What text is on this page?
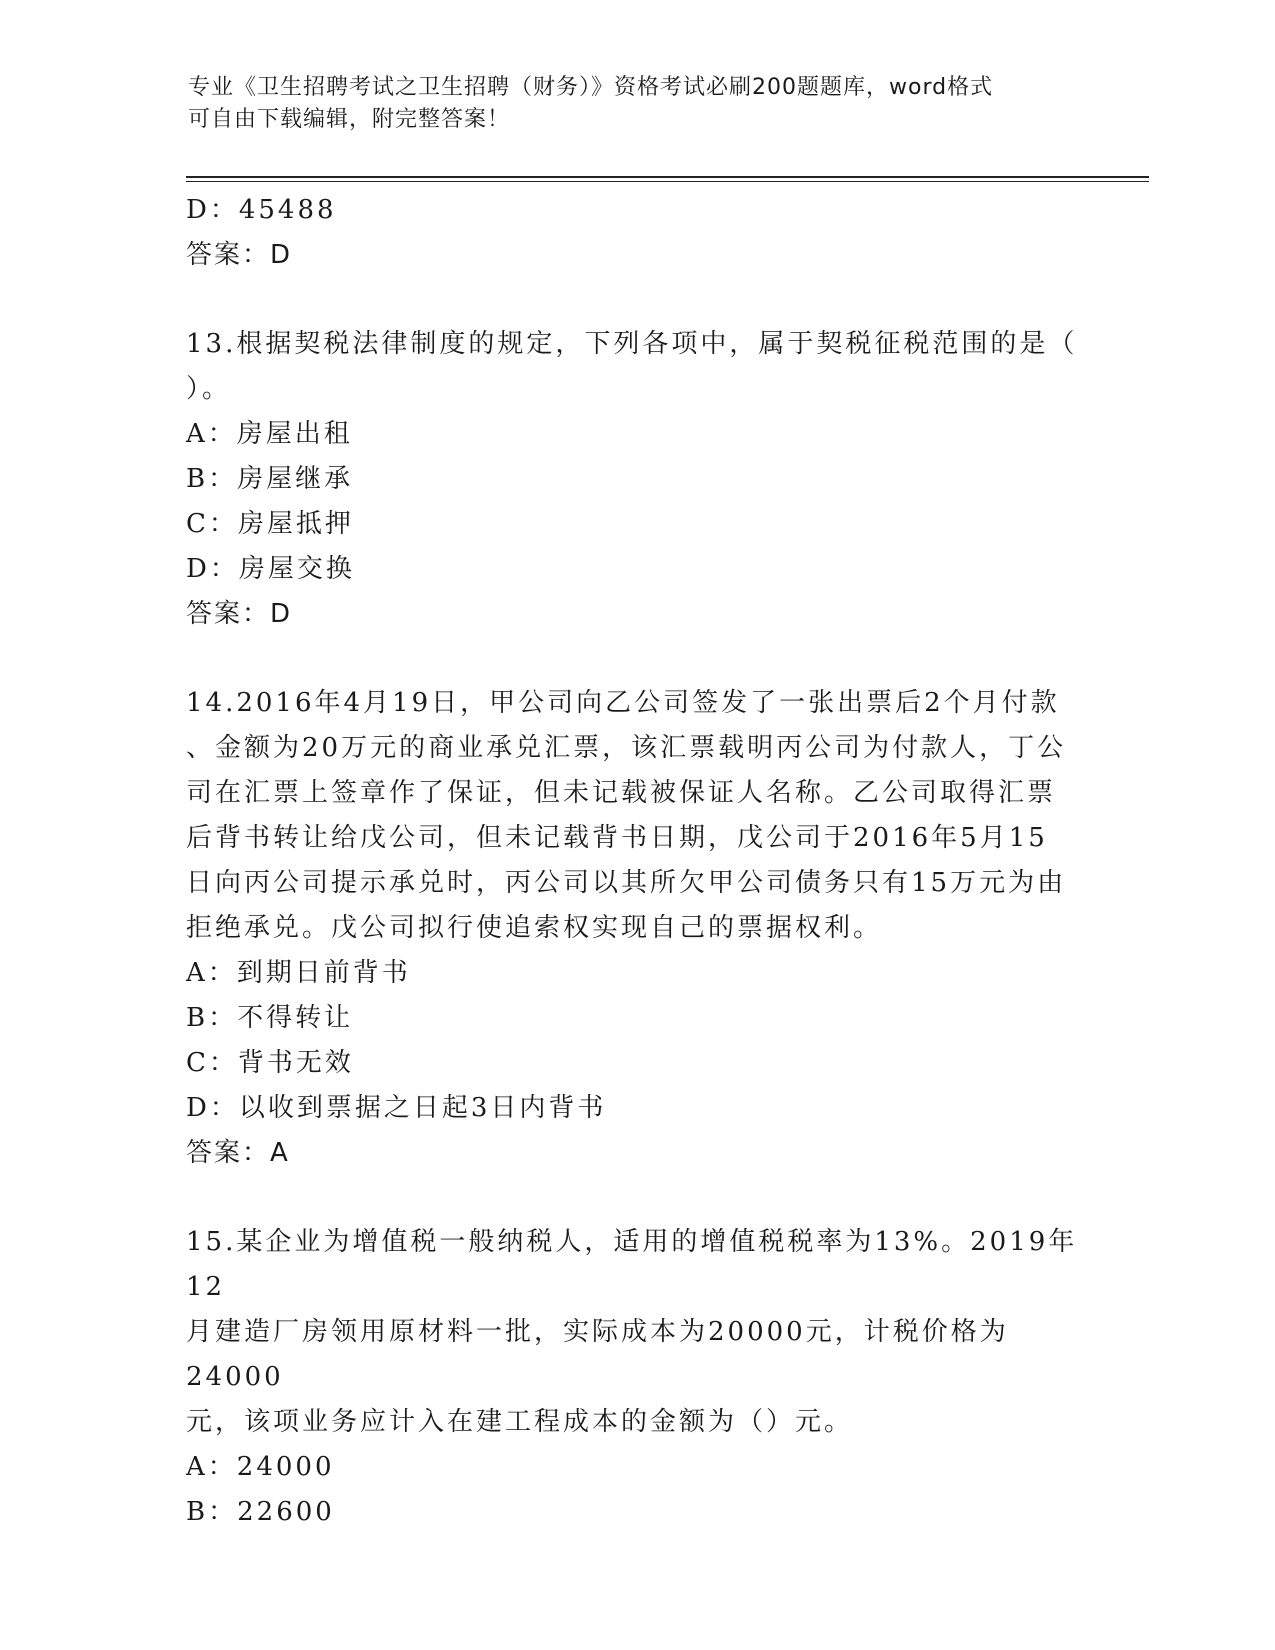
专业《卫生招聘考试之卫生招聘（财务）》资格考试必刷200题题库，word格式
可自由下载编辑，附完整答案！
D：45488
答案：D
13.根据契税法律制度的规定，下列各项中，属于契税征税范围的是（
）。
A：房屋出租
B：房屋继承
C：房屋抵押
D：房屋交换
答案：D
14.2016年4月19日，甲公司向乙公司签发了一张出票后2个月付款
、金额为20万元的商业承兑汇票，该汇票载明丙公司为付款人，丁公
司在汇票上签章作了保证，但未记载被保证人名称。乙公司取得汇票
后背书转让给戊公司，但未记载背书日期，戊公司于2016年5月15
日向丙公司提示承兑时，丙公司以其所欠甲公司债务只有15万元为由
拒绝承兑。戊公司拟行使追索权实现自己的票据权利。
A：到期日前背书
B：不得转让
C：背书无效
D：以收到票据之日起3日内背书
答案：A
15.某企业为增值税一般纳税人，适用的增值税税率为13%。2019年12
月建造厂房领用原材料一批，实际成本为20000元，计税价格为24000
元，该项业务应计入在建工程成本的金额为（）元。
A：24000
B：22600
